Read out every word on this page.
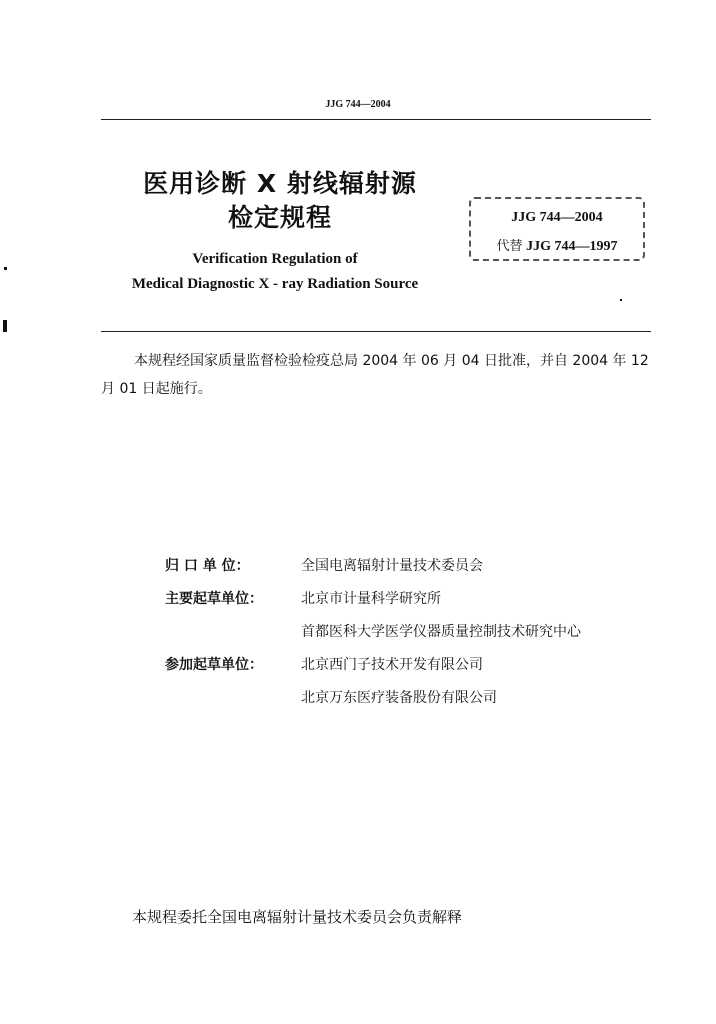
JJG 744—2004
医用诊断 X 射线辐射源
检定规程	JJG 744—2004
代替 JJG 744—1997
Verification Regulation of
Medical Diagnostic X - ray Radiation Source
本规程经国家质量监督检验检疫总局 2004 年 06 月 04 日批准，并自 2004 年 12 月 01 日起施行。
归 口 单 位：	全国电离辐射计量技术委员会
主要起草单位：	北京市计量科学研究所
首都医科大学医学仪器质量控制技术研究中心
参加起草单位：	北京西门子技术开发有限公司
北京万东医疗装备股份有限公司
本规程委托全国电离辐射计量技术委员会负责解释
